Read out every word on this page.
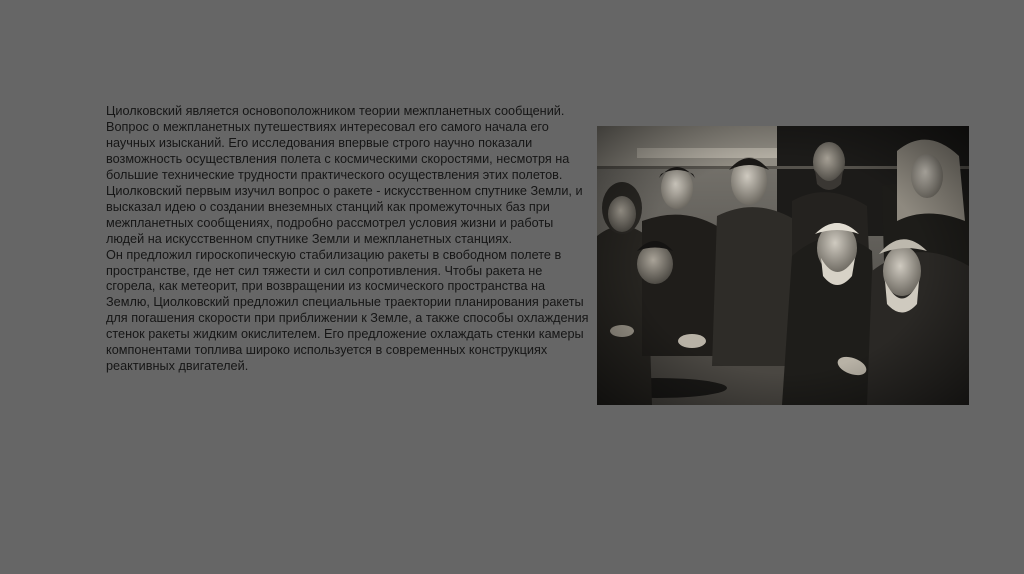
Циолковский является основоположником теории межпланетных сообщений. Вопрос о межпланетных путешествиях интересовал его самого начала его научных изысканий. Его исследования впервые строго научно показали возможность осуществления полета с космическими скоростями, несмотря на большие технические трудности практического осуществления этих полетов.

Циолковский первым изучил вопрос о ракете - искусственном спутнике Земли, и высказал идею о создании внеземных станций как промежуточных баз при межпланетных сообщениях, подробно рассмотрел условия жизни и работы людей на искусственном спутнике Земли и межпланетных станциях.

Он предложил гироскопическую стабилизацию ракеты в свободном полете в пространстве, где нет сил тяжести и сил сопротивления. Чтобы ракета не сгорела, как метеорит, при возвращении из космического пространства на Землю, Циолковский предложил специальные траектории планирования ракеты для погашения скорости при приближении к Земле, а также способы охлаждения стенок ракеты жидким окислителем. Его предложение охлаждать стенки камеры компонентами топлива широко используется в современных конструкциях реактивных двигателей.
